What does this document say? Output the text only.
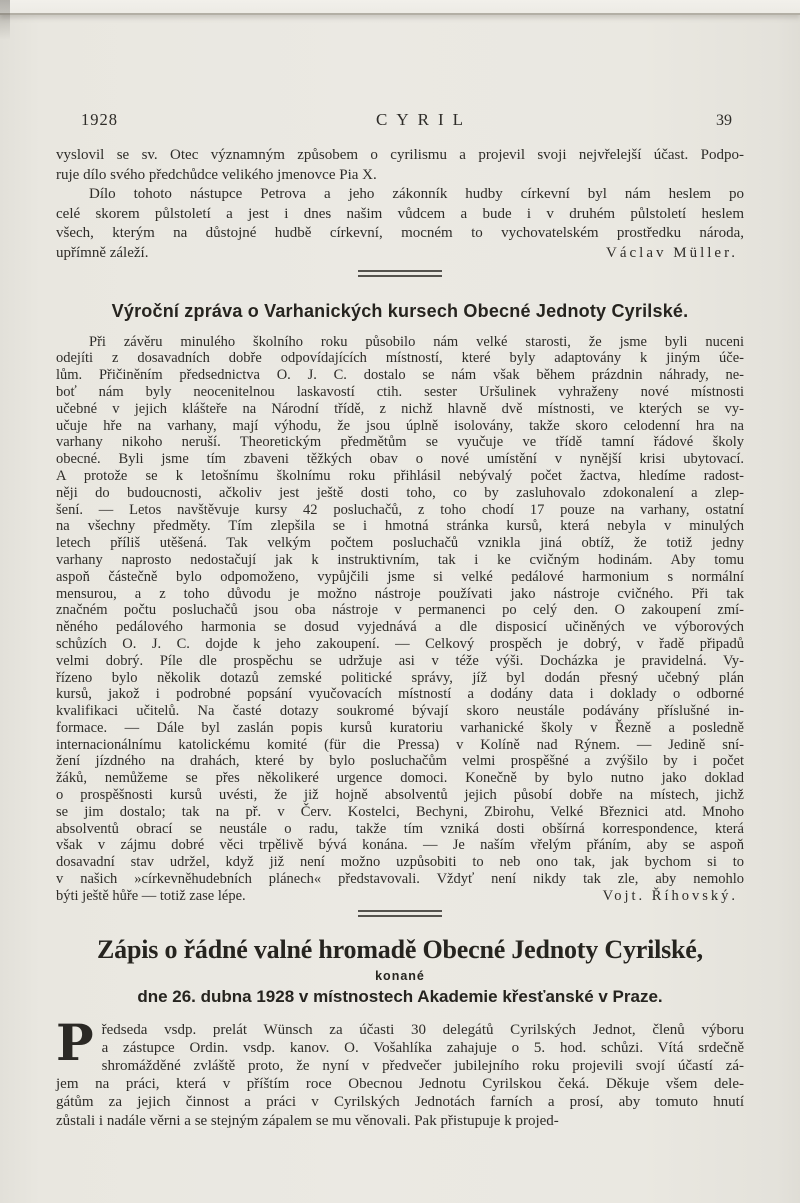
1928	CYRIL	39
vyslovil se sv. Otec významným způsobem o cyrilismu a projevil svoji nejvřelejší účast. Podpo-
ruje dílo svého předchůdce velikého jmenovce Pia X.
Dílo tohoto nástupce Petrova a jeho zákonník hudby církevní byl nám heslem po
celé skorem půlstoletí a jest i dnes našim vůdcem a bude i v druhém půlstoletí heslem
všech, kterým na důstojné hudbě církevní, mocném to vychovatelském prostředku národa,
upřímně záleží.	Václav Müller.
Výroční zpráva o Varhanických kursech Obecné Jednoty Cyrilské.
Při závěru minulého školního roku působilo nám velké starosti, že jsme byli nuceni
odejíti z dosavadních dobře odpovídajících místností, které byly adaptovány k jiným úče-
lům. Přičiněním předsednictva O. J. C. dostalo se nám však během prázdnin náhrady, ne-
boť nám byly neocenitelnou laskavostí ctih. sester Uršulinek vyhraženy nové místnosti
učebné v jejich klášteře na Národní třídě, z nichž hlavně dvě místnosti, ve kterých se vy-
učuje hře na varhany, mají výhodu, že jsou úplně isolovány, takže skoro celodenní hra na
varhany nikoho neruší. Theoretickým předmětům se vyučuje ve třídě tamní řádové školy
obecné. Byli jsme tím zbaveni těžkých obav o nové umístění v nynější krisi ubytovací.
A protože se k letošnímu školnímu roku přihlásil nebývalý počet žactva, hledíme radost-
něji do budoucnosti, ačkoliv jest ještě dosti toho, co by zasluhovalo zdokonalení a zlep-
šení. — Letos navštěvuje kursy 42 posluchačů, z toho chodí 17 pouze na varhany, ostatní
na všechny předměty. Tím zlepšila se i hmotná stránka kursů, která nebyla v minulých
letech příliš utěšená. Tak velkým počtem posluchačů vznikla jiná obtíž, že totiž jedny
varhany naprosto nedostačují jak k instruktivním, tak i ke cvičným hodinám. Aby tomu
aspoň částečně bylo odpomoženo, vypůjčili jsme si velké pedálové harmonium s normální
mensurou, a z toho důvodu je možno nástroje používati jako nástroje cvičného. Při tak
značném počtu posluchačů jsou oba nástroje v permanenci po celý den. O zakoupení zmí-
něného pedálového harmonia se dosud vyjednává a dle disposicí učiněných ve výborových
schůzích O. J. C. dojde k jeho zakoupení. — Celkový prospěch je dobrý, v řadě připadů
velmi dobrý. Píle dle prospěchu se udržuje asi v téže výši. Docházka je pravidelná. Vy-
řízeno bylo několik dotazů zemské politické správy, jíž byl dodán přesný učebný plán
kursů, jakož i podrobné popsání vyučovacích místností a dodány data i doklady o odborné
kvalifikaci učitelů. Na časté dotazy soukromé bývají skoro neustále podávány příslušné in-
formace. — Dále byl zaslán popis kursů kuratoriu varhanické školy v Řezně a posledně
internacionálnímu katolickému komité (für die Pressa) v Kolíně nad Rýnem. — Jedině sní-
žení jízdného na drahách, které by bylo posluchačům velmi prospěšné a zvýšilo by i počet
žáků, nemůžeme se přes několikeré urgence domoci. Konečně by bylo nutno jako doklad
o prospěšnosti kursů uvésti, že již hojně absolventů jejich působí dobře na místech, jichž
se jim dostalo; tak na př. v Červ. Kostelci, Bechyni, Zbirohu, Velké Březnici atd. Mnoho
absolventů obrací se neustále o radu, takže tím vzniká dosti obšírná korrespondence, která
však v zájmu dobré věci trpělivě bývá konána. — Je naším vřelým přáním, aby se aspoň
dosavadní stav udržel, když již není možno uzpůsobiti to neb ono tak, jak bychom si to
v našich »církevněhudebních plánech« představovali. Vždyť není nikdy tak zle, aby nemohlo
býti ještě hůře — totiž zase lépe.	Vojt. Říhovský.
Zápis o řádné valné hromadě Obecné Jednoty Cyrilské,
konané
dne 26. dubna 1928 v místnostech Akademie křesťanské v Praze.
P ředseda vsdp. prelát Wünsch za účasti 30 delegátů Cyrilských Jednot, členů výboru
a zástupce Ordin. vsdp. kanov. O. Vošahlíka zahajuje o 5. hod. schůzi. Vítá srdečně
shromážděné zvláště proto, že nyní v předvečer jubilejního roku projevili svojí účastí zá-
jem na práci, která v příštím roce Obecnou Jednotu Cyrilskou čeká. Děkuje všem dele-
gátům za jejich činnost a práci v Cyrilských Jednotách farních a prosí, aby tomuto hnutí
zůstali i nadále věrni a se stejným zápalem se mu věnovali. Pak přistupuje k projed-
